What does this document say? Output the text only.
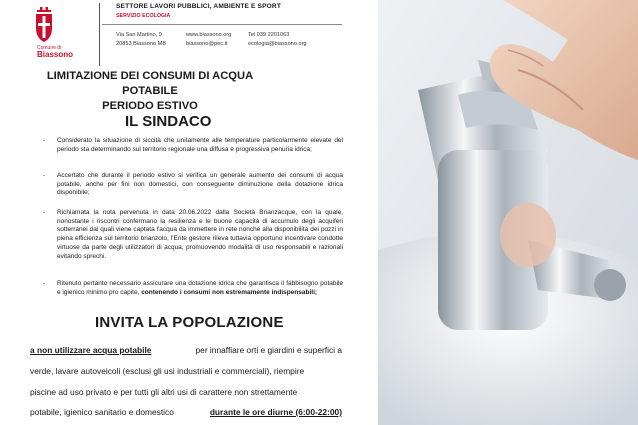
Comune di
Biassono
SETTORE LAVORI PUBBLICI, AMBIENTE E SPORT
SERVIZIO ECOLOGIA
Via San Martino, 9
20853 Biassono MB
www.biassono.org
biassono@pec.it
Tel 039 2201063
ecologia@biassono.org
LIMITAZIONE DEI CONSUMI DI ACQUA POTABILE
PERIODO ESTIVO
IL SINDACO
- Considerato la situazione di siccità che unitamente alle temperature particolarmente elevate del periodo sta determinando sul territorio regionale una diffusa e progressiva penuria idrica;
- Accertato che durante il periodo estivo si verifica un generale aumento dei consumi di acqua potabile, anche per fini non domestici, con conseguente diminuzione della dotazione idrica disponibile;
- Richiamata la nota pervenuta in data 20.06.2022 dalla Società Brianzacque, con la quale, nonostante i riscontri confermano la resilienza e le buone capacità di accumulo degli acquiferi sotterranei dai quali viene captata l'acqua da immettere in rete nonché alla disponibilità dei pozzi in piena efficienza sul territorio brianzolo, l'Ente gestore rileva tuttavia opportuno incentivare condotte virtuose da parte degli utilizzatori di acqua, promuovendo modalità di uso responsabili e razionali evitando sprechi.
- Ritenuto pertanto necessario assicurare una dotazione idrica che garantisca il fabbisogno potabile e igienico minimo pro capite, contenendo i consumi non estremamente indispensabili;
INVITA LA POPOLAZIONE
a non utilizzare acqua potabile	per innaffiare orti e giardini e superfici a
verde, lavare autoveicoli (esclusi gli usi industriali e commerciali), riempire
piscine ad uso privato e per tutti gli altri usi di carattere non strettamente
potabile, igienico sanitario e domestico	durante le ore diurne (6:00-22:00)
